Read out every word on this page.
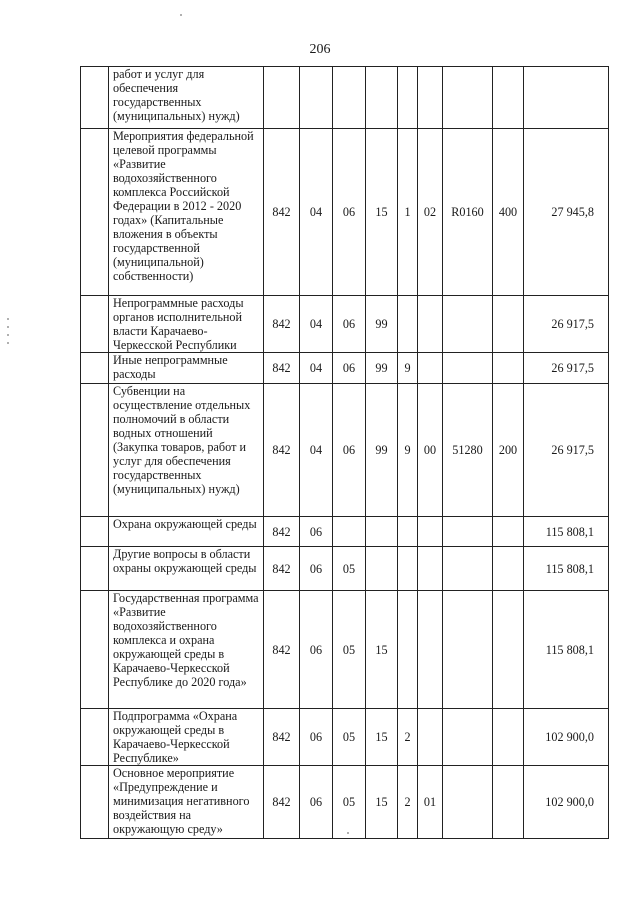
206
	работ и услуг для обеспечения государственных (муниципальных) нужд)									
	Мероприятия федеральной целевой программы «Развитие водохозяйственного комплекса Российской Федерации в 2012 - 2020 годах» (Капитальные вложения в объекты государственной (муниципальной) собственности)	842	04	06	15	1	02	R0160	400	27 945,8
	Непрограммные расходы органов исполнительной власти Карачаево-Черкесской Республики	842	04	06	99					26 917,5
	Иные непрограммные расходы	842	04	06	99	9				26 917,5
	Субвенции на осуществление отдельных полномочий в области водных отношений (Закупка товаров, работ и услуг для обеспечения государственных (муниципальных) нужд)	842	04	06	99	9	00	51280	200	26 917,5
	Охрана окружающей среды	842	06							115 808,1
	Другие вопросы в области охраны окружающей среды	842	06	05						115 808,1
	Государственная программа «Развитие водохозяйственного комплекса и охрана окружающей среды в Карачаево-Черкесской Республике до 2020 года»	842	06	05	15					115 808,1
	Подпрограмма «Охрана окружающей среды в Карачаево-Черкесской Республике»	842	06	05	15	2				102 900,0
	Основное мероприятие «Предупреждение и минимизация негативного воздействия на окружающую среду»	842	06	05	15	2	01			102 900,0
